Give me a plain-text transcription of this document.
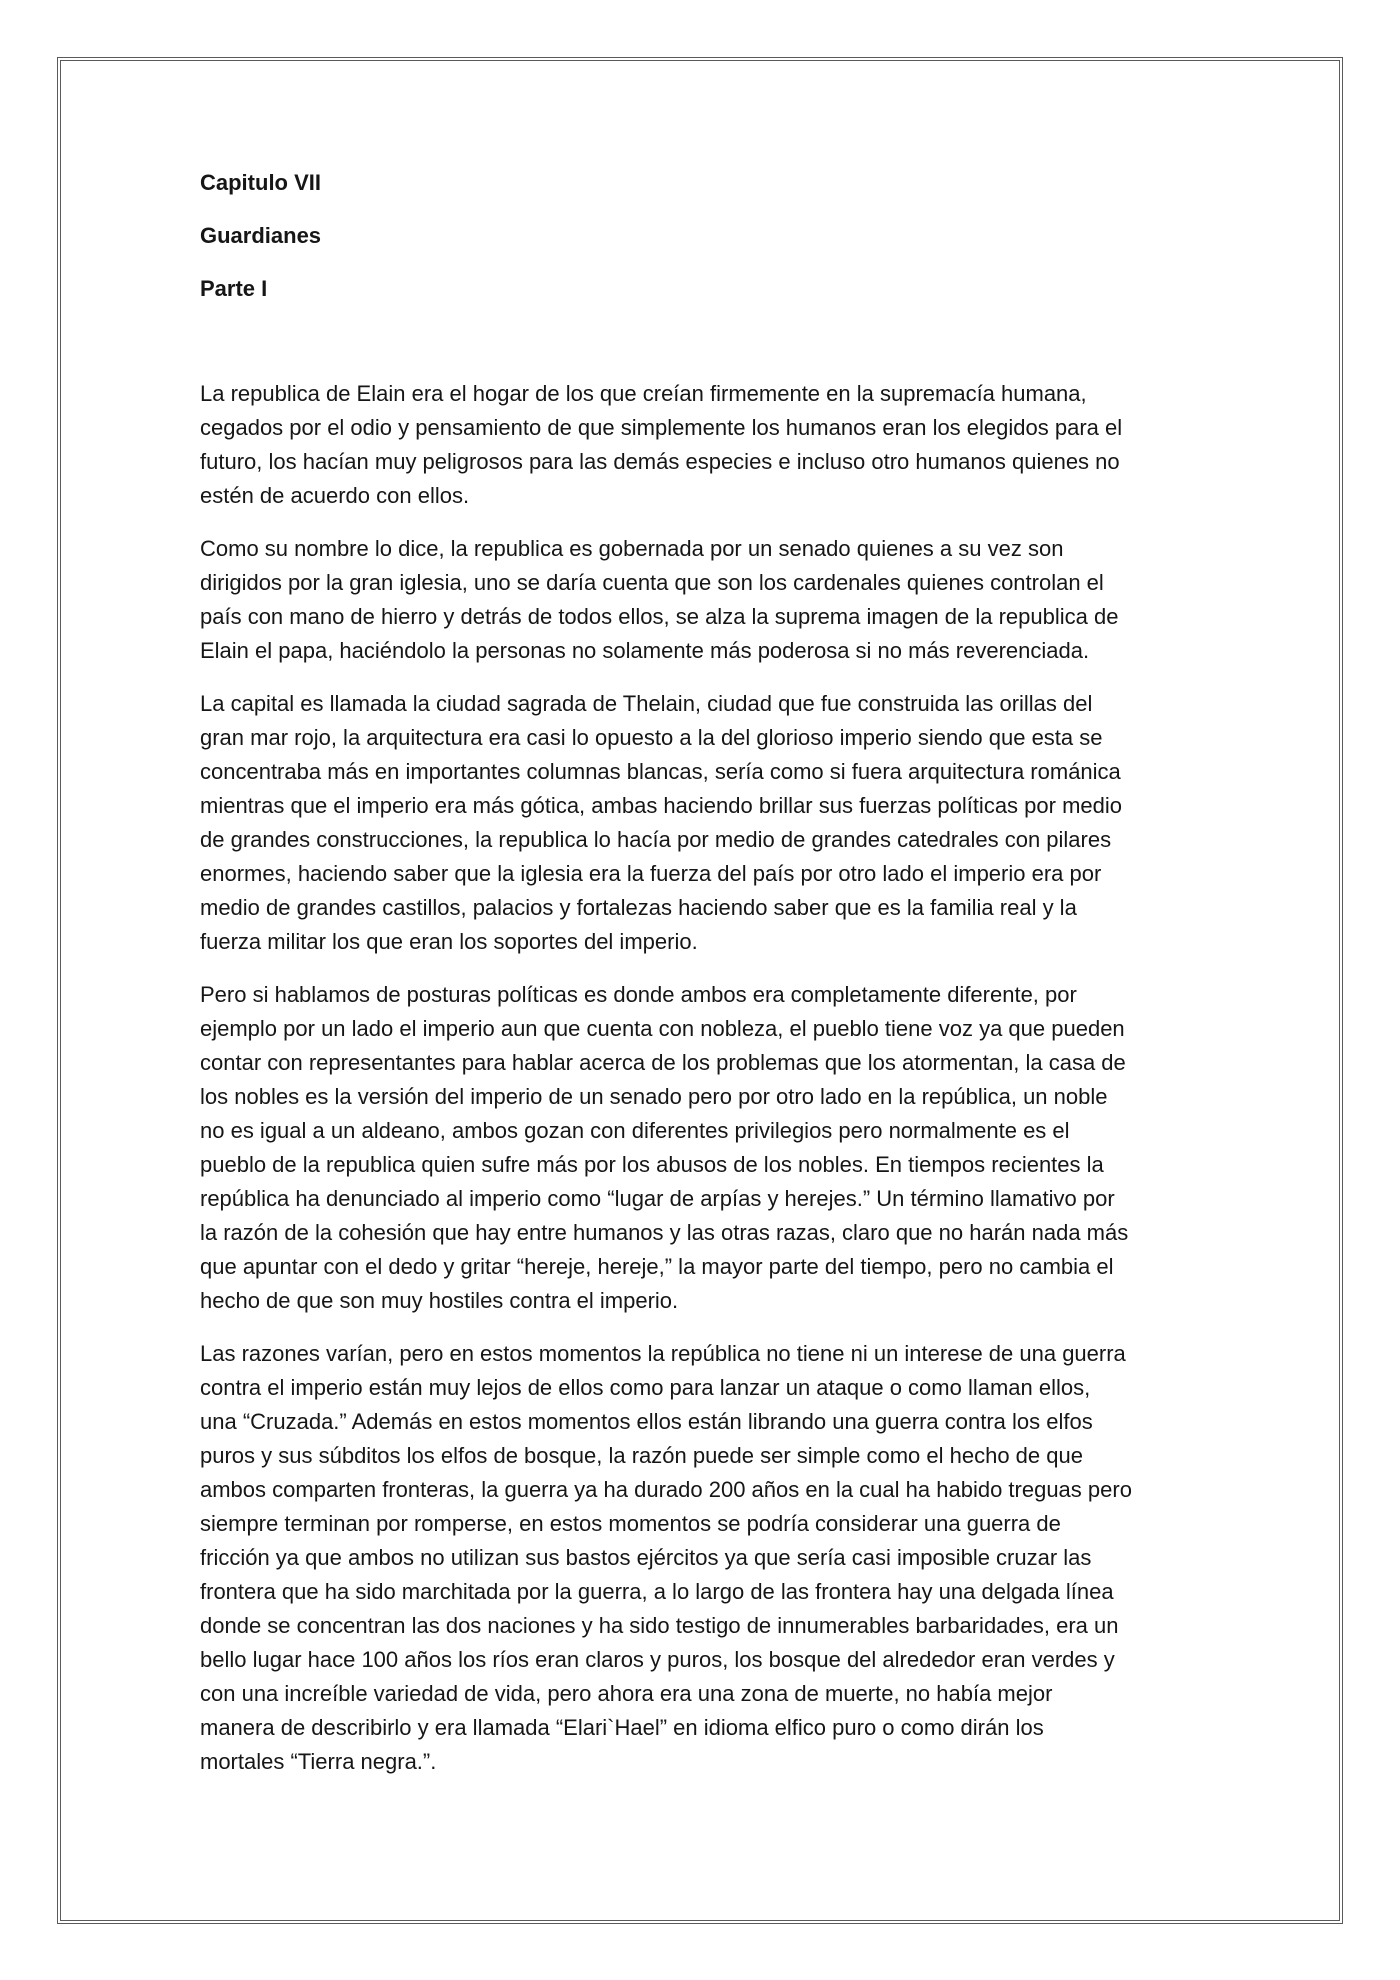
Capitulo VII
Guardianes
Parte I
La republica de Elain era el hogar de los que creían firmemente en la supremacía humana,
cegados por el odio y pensamiento de que simplemente los humanos eran los elegidos para el
futuro, los hacían muy peligrosos para las demás especies e incluso otro humanos quienes no
estén de acuerdo con ellos.
Como su nombre lo dice, la republica es gobernada por un senado quienes a su vez son
dirigidos por la gran iglesia, uno se daría cuenta que son los cardenales quienes controlan el
país con mano de hierro y detrás de todos ellos, se alza la suprema imagen de la republica de
Elain el papa, haciéndolo la personas no solamente más poderosa si no más reverenciada.
La capital es llamada la ciudad sagrada de Thelain, ciudad que fue construida las orillas del
gran mar rojo, la arquitectura era casi lo opuesto a la del glorioso imperio siendo que esta se
concentraba más en importantes columnas blancas, sería como si fuera arquitectura románica
mientras que el imperio era más gótica, ambas haciendo brillar sus fuerzas políticas por medio
de grandes construcciones, la republica lo hacía por medio de grandes catedrales con pilares
enormes, haciendo saber que la iglesia era la fuerza del país por otro lado el imperio era por
medio de grandes castillos, palacios y fortalezas haciendo saber que es la familia real y la
fuerza militar los que eran los soportes del imperio.
Pero si hablamos de posturas políticas es donde ambos era completamente diferente, por
ejemplo por un lado el imperio aun que cuenta con nobleza, el pueblo tiene voz ya que pueden
contar con representantes para hablar acerca de los problemas que los atormentan, la casa de
los nobles es la versión del imperio de un senado pero por otro lado en la república, un noble
no es igual a un aldeano, ambos gozan con diferentes privilegios pero normalmente es el
pueblo de la republica quien sufre más por los abusos de los nobles. En tiempos recientes la
república ha denunciado al imperio como “lugar de arpías y herejes.” Un término llamativo por
la razón de la cohesión que hay entre humanos y las otras razas, claro que no harán nada más
que apuntar con el dedo y gritar “hereje, hereje,” la mayor parte del tiempo, pero no cambia el
hecho de que son muy hostiles contra el imperio.
Las razones varían, pero en estos momentos la república no tiene ni un interese de una guerra
contra el imperio están muy lejos de ellos como para lanzar un ataque o como llaman ellos,
una “Cruzada.” Además en estos momentos ellos están librando una guerra contra los elfos
puros y sus súbditos los elfos de bosque, la razón puede ser simple como el hecho de que
ambos comparten fronteras, la guerra ya ha durado 200 años en la cual ha habido treguas pero
siempre terminan por romperse, en estos momentos se podría considerar una guerra de
fricción ya que ambos no utilizan sus bastos ejércitos ya que sería casi imposible cruzar las
frontera que ha sido marchitada por la guerra, a lo largo de las frontera hay una delgada línea
donde se concentran las dos naciones y ha sido testigo de innumerables barbaridades, era un
bello lugar hace 100 años los ríos eran claros y puros, los bosque del alrededor eran verdes y
con una increíble variedad de vida, pero ahora era una zona de muerte, no había mejor
manera de describirlo y era llamada “Elari`Hael” en idioma elfico puro o como dirán los
mortales “Tierra negra.”.
